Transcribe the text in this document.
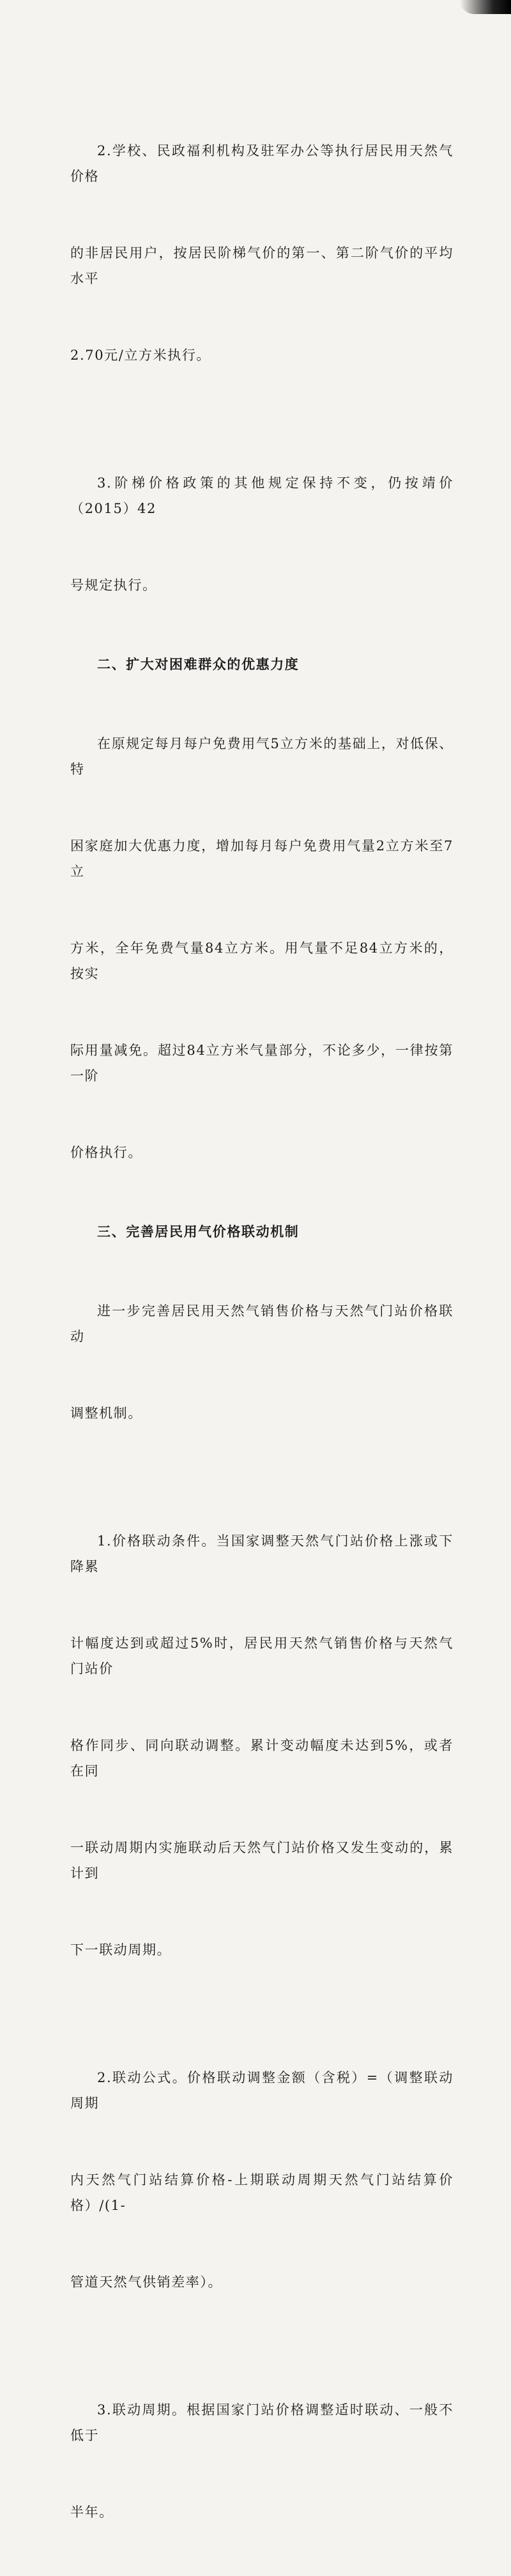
2.学校、民政福利机构及驻军办公等执行居民用天然气价格

的非居民用户，按居民阶梯气价的第一、第二阶气价的平均水平

2.70元/立方米执行。

3.阶梯价格政策的其他规定保持不变，仍按靖价（2015）42

号规定执行。

二、扩大对困难群众的优惠力度

在原规定每月每户免费用气5立方米的基础上，对低保、特

困家庭加大优惠力度，增加每月每户免费用气量2立方米至7立

方米，全年免费气量84立方米。用气量不足84立方米的，按实

际用量减免。超过84立方米气量部分，不论多少，一律按第一阶

价格执行。

三、完善居民用气价格联动机制

进一步完善居民用天然气销售价格与天然气门站价格联动

调整机制。

1.价格联动条件。当国家调整天然气门站价格上涨或下降累

计幅度达到或超过5%时，居民用天然气销售价格与天然气门站价

格作同步、同向联动调整。累计变动幅度未达到5%，或者在同

一联动周期内实施联动后天然气门站价格又发生变动的，累计到

下一联动周期。

2.联动公式。价格联动调整金额（含税）=（调整联动周期

内天然气门站结算价格-上期联动周期天然气门站结算价格）/(1-

管道天然气供销差率）。

3.联动周期。根据国家门站价格调整适时联动、一般不低于

半年。
